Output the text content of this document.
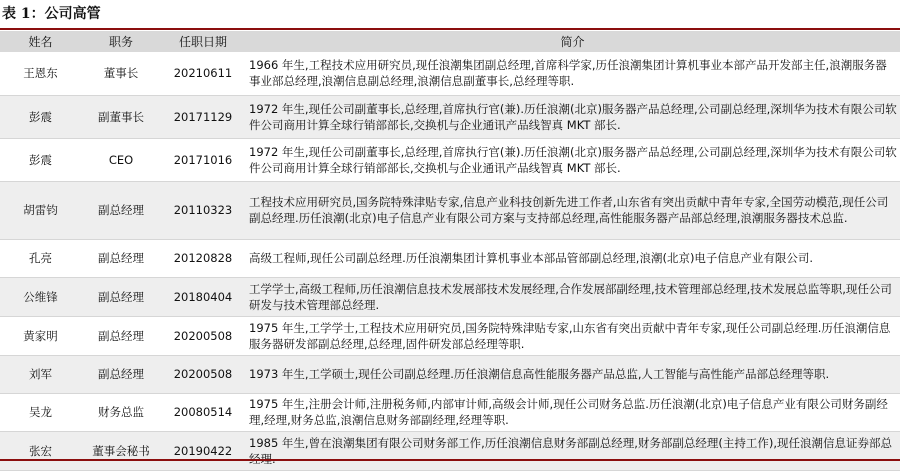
表 1：公司高管
姓名	职务	任职日期	简介
王恩东	董事长	20210611	1966 年生,工程技术应用研究员,现任浪潮集团副总经理,首席科学家,历任浪潮集团计算机事业本部产品开发部主任,浪潮服务器事业部总经理,浪潮信息副总经理,浪潮信息副董事长,总经理等职.
彭震	副董事长	20171129	1972 年生,现任公司副董事长,总经理,首席执行官(兼).历任浪潮(北京)服务器产品总经理,公司副总经理,深圳华为技术有限公司软件公司商用计算全球行销部部长,交换机与企业通讯产品线智真 MKT 部长.
彭震	CEO	20171016	1972 年生,现任公司副董事长,总经理,首席执行官(兼).历任浪潮(北京)服务器产品总经理,公司副总经理,深圳华为技术有限公司软件公司商用计算全球行销部部长,交换机与企业通讯产品线智真 MKT 部长.
胡雷钧	副总经理	20110323	工程技术应用研究员,国务院特殊津贴专家,信息产业科技创新先进工作者,山东省有突出贡献中青年专家,全国劳动模范,现任公司副总经理.历任浪潮(北京)电子信息产业有限公司方案与支持部总经理,高性能服务器产品部总经理,浪潮服务器技术总监.
孔亮	副总经理	20120828	高级工程师,现任公司副总经理.历任浪潮集团计算机事业本部品管部副总经理,浪潮(北京)电子信息产业有限公司.
公维锋	副总经理	20180404	工学学士,高级工程师,历任浪潮信息技术发展部技术发展经理,合作发展部副经理,技术管理部总经理,技术发展总监等职,现任公司研发与技术管理部总经理.
黄家明	副总经理	20200508	1975 年生,工学学士,工程技术应用研究员,国务院特殊津贴专家,山东省有突出贡献中青年专家,现任公司副总经理.历任浪潮信息服务器研发部副总经理,总经理,固件研发部总经理等职.
刘军	副总经理	20200508	1973 年生,工学硕士,现任公司副总经理.历任浪潮信息高性能服务器产品总监,人工智能与高性能产品部总经理等职.
吴龙	财务总监	20080514	1975 年生,注册会计师,注册税务师,内部审计师,高级会计师,现任公司财务总监.历任浪潮(北京)电子信息产业有限公司财务副经理,经理,财务总监,浪潮信息财务部副经理,经理等职.
张宏	董事会秘书	20190422	1985 年生,曾在浪潮集团有限公司财务部工作,历任浪潮信息财务部副总经理,财务部副总经理(主持工作),现任浪潮信息证券部总
